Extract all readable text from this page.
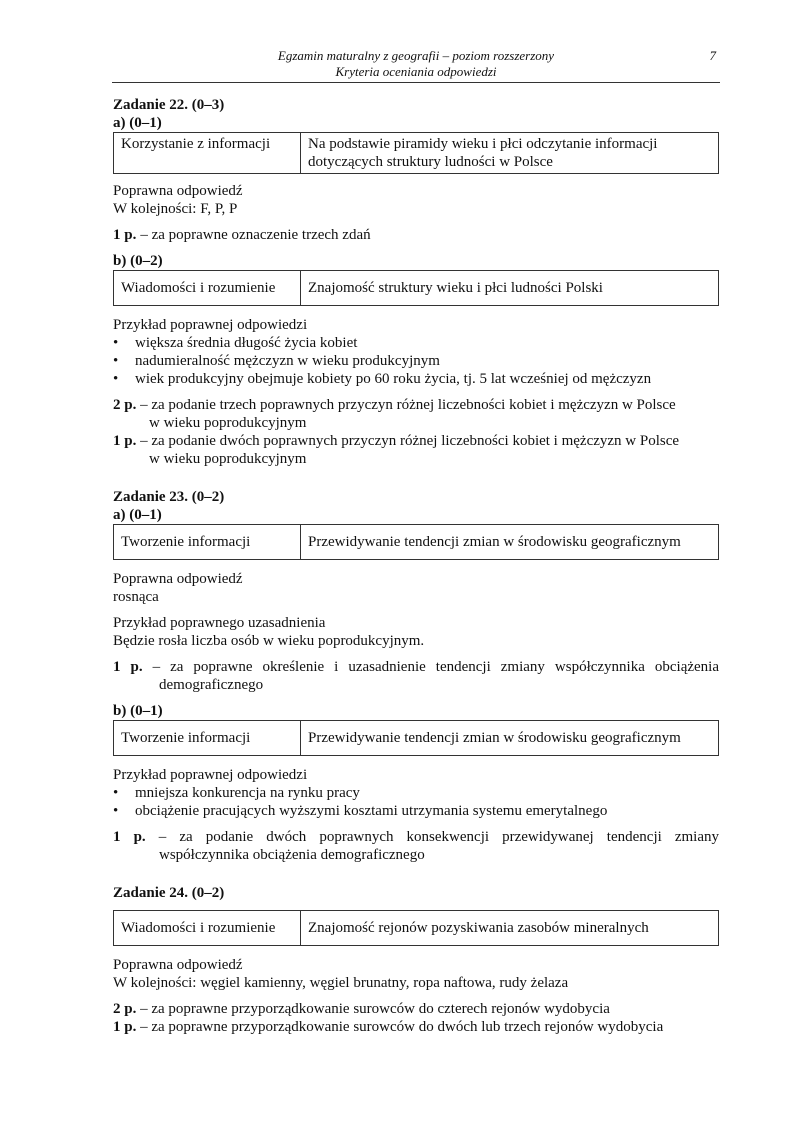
Egzamin maturalny z geografii – poziom rozszerzony
Kryteria oceniania odpowiedzi
7
Zadanie 22. (0–3)
a) (0–1)
Korzystanie z informacji	Na podstawie piramidy wieku i płci odczytanie informacji dotyczących struktury ludności w Polsce

Poprawna odpowiedź

W kolejności: F, P, P

1 p. – za poprawne oznaczenie trzech zdań
b) (0–2)
Wiadomości i rozumienie	Znajomość struktury wieku i płci ludności Polski

Przykład poprawnej odpowiedzi

• większa średnia długość życia kobiet
• nadumieralność mężczyzn w wieku produkcyjnym
• wiek produkcyjny obejmuje kobiety po 60 roku życia, tj. 5 lat wcześniej od mężczyzn
2 p. – za podanie trzech poprawnych przyczyn różnej liczebności kobiet i mężczyzn w Polsce
w wieku poprodukcyjnym
1 p. – za podanie dwóch poprawnych przyczyn różnej liczebności kobiet i mężczyzn w Polsce
w wieku poprodukcyjnym
Zadanie 23. (0–2)
a) (0–1)
Tworzenie informacji	Przewidywanie tendencji zmian w środowisku geograficznym

Poprawna odpowiedź

rosnąca

Przykład poprawnego uzasadnienia

Będzie rosła liczba osób w wieku poprodukcyjnym.

1 p. – za poprawne określenie i uzasadnienie tendencji zmiany współczynnika obciążenia
demograficznego
b) (0–1)
Tworzenie informacji	Przewidywanie tendencji zmian w środowisku geograficznym

Przykład poprawnej odpowiedzi

• mniejsza konkurencja na rynku pracy
• obciążenie pracujących wyższymi kosztami utrzymania systemu emerytalnego
1 p. – za podanie dwóch poprawnych konsekwencji przewidywanej tendencji zmiany
współczynnika obciążenia demograficznego
Zadanie 24. (0–2)
Wiadomości i rozumienie	Znajomość rejonów pozyskiwania zasobów mineralnych

Poprawna odpowiedź

W kolejności: węgiel kamienny, węgiel brunatny, ropa naftowa, rudy żelaza

2 p. – za poprawne przyporządkowanie surowców do czterech rejonów wydobycia
1 p. – za poprawne przyporządkowanie surowców do dwóch lub trzech rejonów wydobycia
